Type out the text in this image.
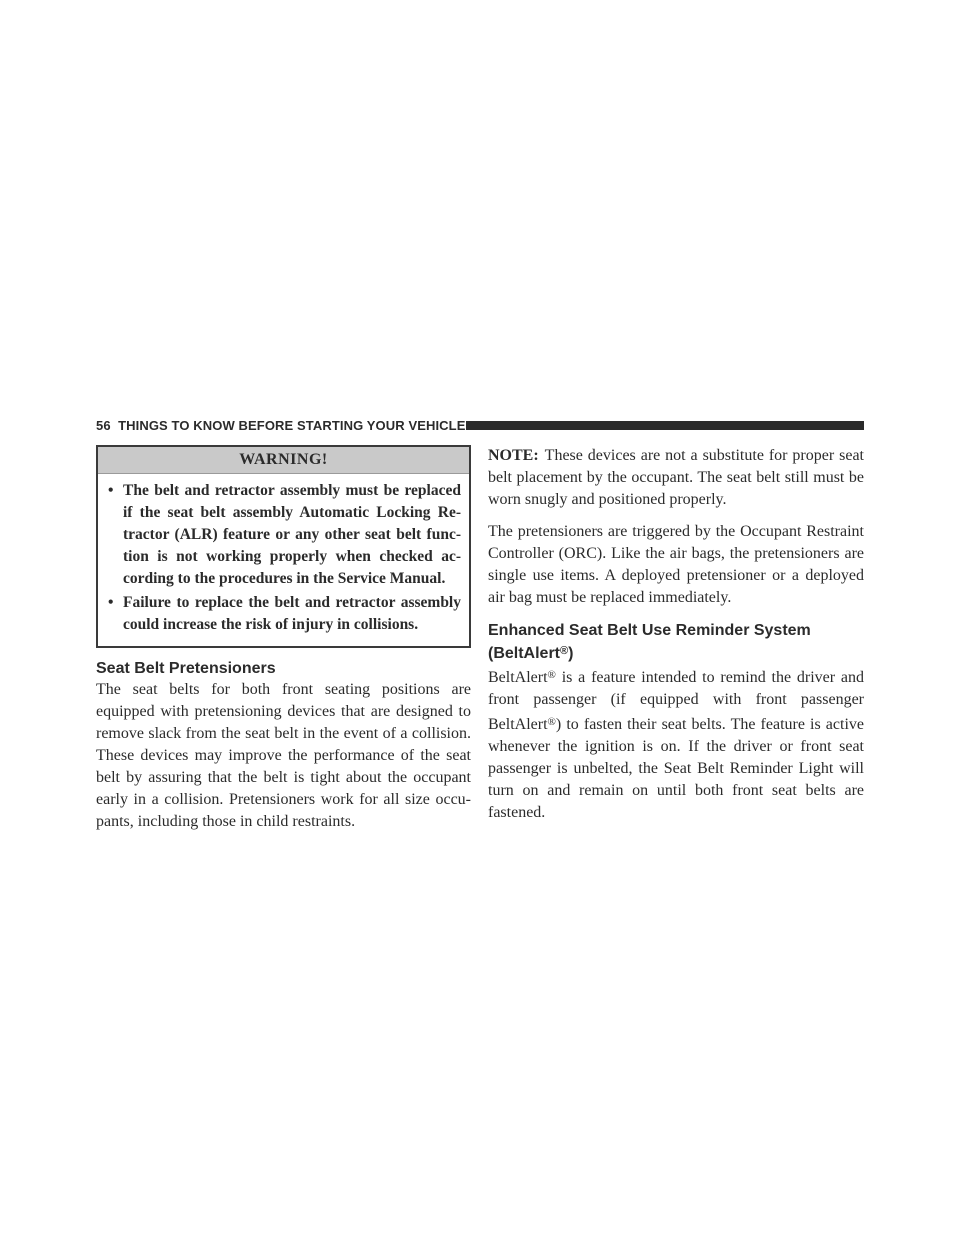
56 THINGS TO KNOW BEFORE STARTING YOUR VEHICLE
WARNING!
• The belt and retractor assembly must be replaced if the seat belt assembly Automatic Locking Retractor (ALR) feature or any other seat belt function is not working properly when checked according to the procedures in the Service Manual.
• Failure to replace the belt and retractor assembly could increase the risk of injury in collisions.
Seat Belt Pretensioners

The seat belts for both front seating positions are equipped with pretensioning devices that are designed to remove slack from the seat belt in the event of a collision. These devices may improve the performance of the seat belt by assuring that the belt is tight about the occupant early in a collision. Pretensioners work for all size occupants, including those in child restraints.

NOTE: These devices are not a substitute for proper seat belt placement by the occupant. The seat belt still must be worn snugly and positioned properly.

The pretensioners are triggered by the Occupant Restraint Controller (ORC). Like the air bags, the pretensioners are single use items. A deployed pretensioner or a deployed air bag must be replaced immediately.

Enhanced Seat Belt Use Reminder System
(BeltAlert®)

BeltAlert® is a feature intended to remind the driver and front passenger (if equipped with front passenger BeltAlert®) to fasten their seat belts. The feature is active whenever the ignition is on. If the driver or front seat passenger is unbelted, the Seat Belt Reminder Light will turn on and remain on until both front seat belts are fastened.
